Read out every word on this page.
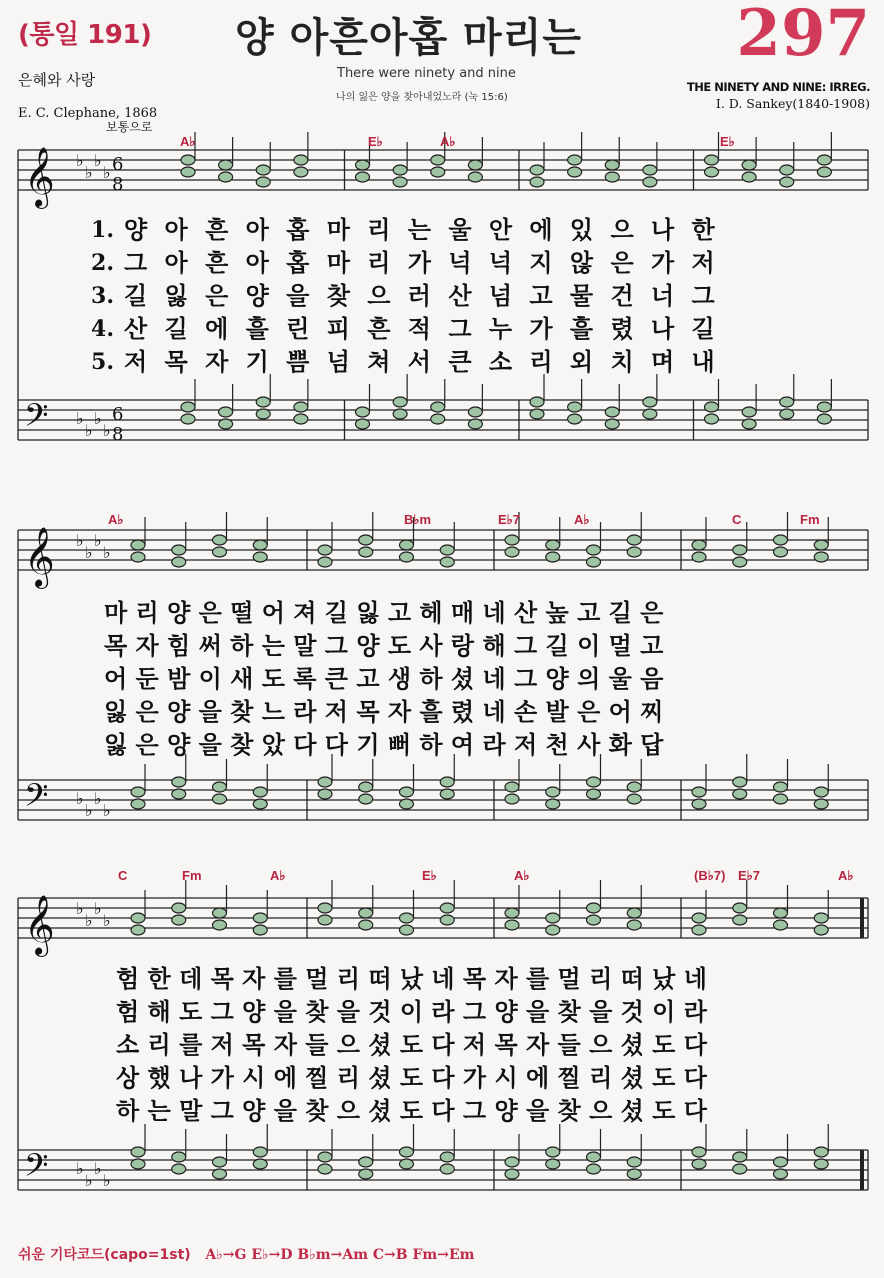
(통일 191)
은혜와 사랑
E. C. Clephane, 1868
양 아흔아홉 마리는
There were ninety and nine
나의 잃은 양을 찾아내었노라 (눅 15:6)
297
THE NINETY AND NINE: IRREG.
I. D. Sankey(1840-1908)
보통으로
𝄞
𝄢
♭
♭
♭
♭
♭
♭
♭
♭
6
8
6
8
𝄞
𝄢
♭
♭
♭
♭
♭
♭
♭
♭
𝄞
𝄢
♭
♭
♭
♭
♭
♭
♭
♭
A♭	E♭	A♭	E♭
A♭	B♭m	E♭7	A♭	C	Fm
C	Fm	A♭	E♭	A♭	(B♭7) E♭7	A♭
1. 양 아 흔 아 홉 마 리 는 울 안 에 있 으 나 한
2. 그 아 흔 아 홉 마 리 가 넉 넉 지 않 은 가 저
3. 길 잃 은 양 을 찾 으 러 산 넘 고 물 건 너 그
4. 산 길 에 흘 린 피 흔 적 그 누 가 흘 렸 나 길
5. 저 목 자 기 쁨 넘 쳐 서 큰 소 리 외 치 며 내
마 리 양 은 떨 어 져 길 잃 고 헤 매 네 산 높 고 길 은
목 자 힘 써 하 는 말 그 양 도 사 랑 해 그 길 이 멀 고
어 둔 밤 이 새 도 록 큰 고 생 하 셨 네 그 양 의 울 음
잃 은 양 을 찾 느 라 저 목 자 흘 렸 네 손 발 은 어 찌
잃 은 양 을 찾 았 다 다 기 뻐 하 여 라 저 천 사 화 답
험 한 데 목 자 를 멀 리 떠 났 네 목 자 를 멀 리 떠 났 네
험 해 도 그 양 을 찾 을 것 이 라 그 양 을 찾 을 것 이 라
소 리 를 저 목 자 들 으 셨 도 다 저 목 자 들 으 셨 도 다
상 했 나 가 시 에 찔 리 셨 도 다 가 시 에 찔 리 셨 도 다
하 는 말 그 양 을 찾 으 셨 도 다 그 양 을 찾 으 셨 도 다
쉬운 기타코드(capo=1st) A♭→G E♭→D B♭m→Am C→B Fm→Em
